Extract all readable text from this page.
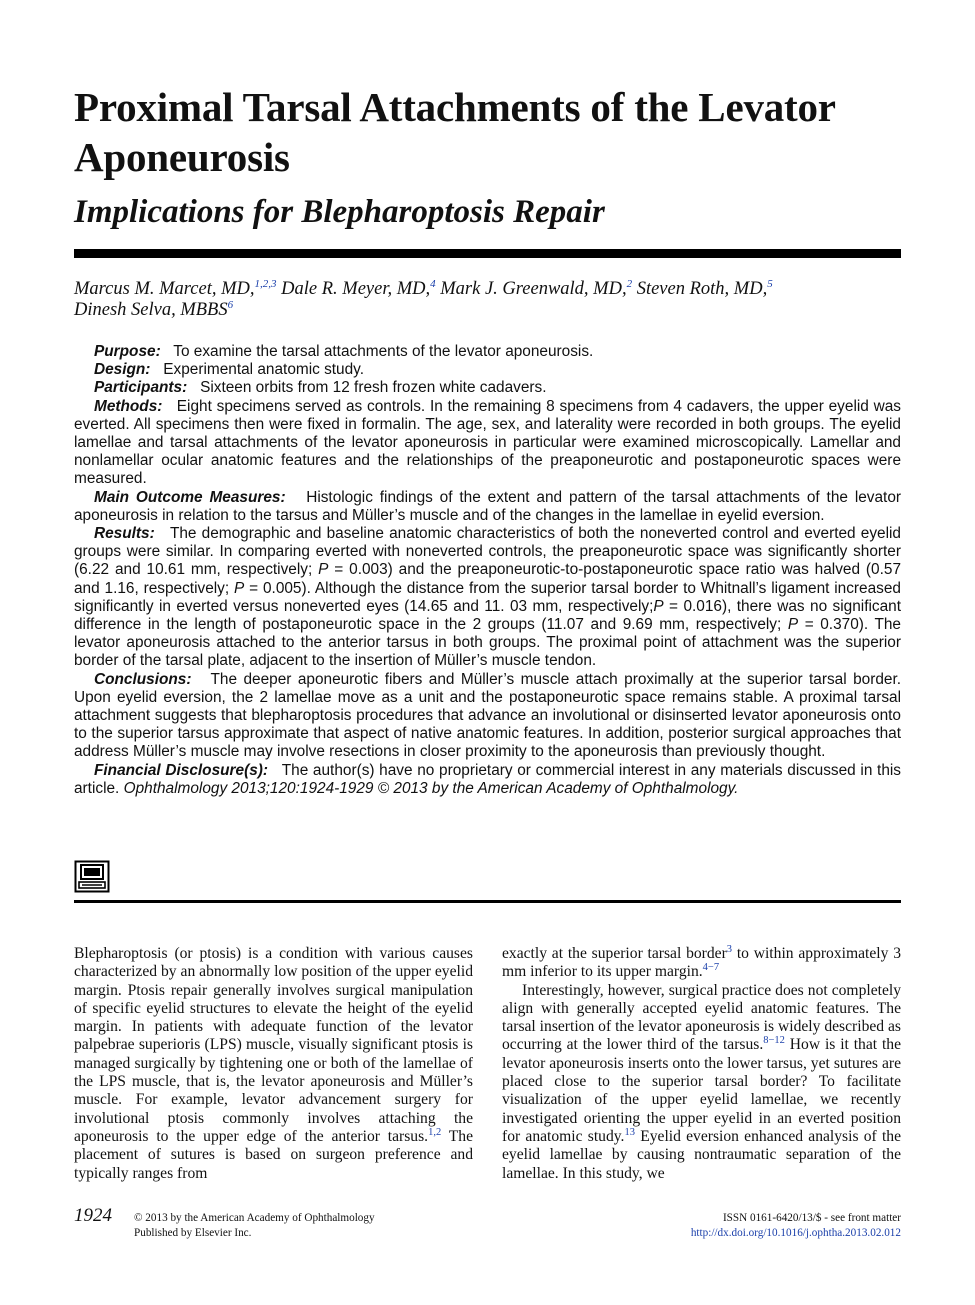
Proximal Tarsal Attachments of the Levator Aponeurosis
Implications for Blepharoptosis Repair
Marcus M. Marcet, MD,$^{1,2,3}$ Dale R. Meyer, MD,$^4$ Mark J. Greenwald, MD,$^2$ Steven Roth, MD,$^5$
Dinesh Selva, MBBS$^6$

Purpose: To examine the tarsal attachments of the levator aponeurosis.

Design: Experimental anatomic study.

Participants: Sixteen orbits from 12 fresh frozen white cadavers.

Methods: Eight specimens served as controls. In the remaining 8 specimens from 4 cadavers, the upper eyelid was everted. All specimens then were fixed in formalin. The age, sex, and laterality were recorded in both groups. The eyelid lamellae and tarsal attachments of the levator aponeurosis in particular were examined microscopically. Lamellar and nonlamellar ocular anatomic features and the relationships of the preaponeurotic and postaponeurotic spaces were measured.

Main Outcome Measures: Histologic findings of the extent and pattern of the tarsal attachments of the levator aponeurosis in relation to the tarsus and Müller’s muscle and of the changes in the lamellae in eyelid eversion.

Results: The demographic and baseline anatomic characteristics of both the noneverted control and everted eyelid groups were similar. In comparing everted with noneverted controls, the preaponeurotic space was significantly shorter (6.22 and 10.61 mm, respectively; P = 0.003) and the preaponeurotic-to-postaponeurotic space ratio was halved (0.57 and 1.16, respectively; P = 0.005). Although the distance from the superior tarsal border to Whitnall’s ligament increased significantly in everted versus noneverted eyes (14.65 and 11. 03 mm, respectively;P = 0.016), there was no significant difference in the length of postaponeurotic space in the 2 groups (11.07 and 9.69 mm, respectively; P = 0.370). The levator aponeurosis attached to the anterior tarsus in both groups. The proximal point of attachment was the superior border of the tarsal plate, adjacent to the insertion of Müller’s muscle tendon.

Conclusions: The deeper aponeurotic fibers and Müller’s muscle attach proximally at the superior tarsal border. Upon eyelid eversion, the 2 lamellae move as a unit and the postaponeurotic space remains stable. A proximal tarsal attachment suggests that blepharoptosis procedures that advance an involutional or disinserted levator aponeurosis onto to the superior tarsus approximate that aspect of native anatomic features. In addition, posterior surgical approaches that address Müller’s muscle may involve resections in closer proximity to the aponeurosis than previously thought.

Financial Disclosure(s): The author(s) have no proprietary or commercial interest in any materials discussed in this article. Ophthalmology 2013;120:1924-1929 © 2013 by the American Academy of Ophthalmology.

Blepharoptosis (or ptosis) is a condition with various causes characterized by an abnormally low position of the upper eyelid margin. Ptosis repair generally involves surgical manipulation of specific eyelid structures to elevate the height of the eyelid margin. In patients with adequate function of the levator palpebrae superioris (LPS) muscle, visually significant ptosis is managed surgically by tightening one or both of the lamellae of the LPS muscle, that is, the levator aponeurosis and Müller’s muscle. For example, levator advancement surgery for involutional ptosis commonly involves attaching the aponeurosis to the upper edge of the anterior tarsus.$^{1,2}$ The placement of sutures is based on surgeon preference and typically ranges from

exactly at the superior tarsal border$^3$ to within approximately 3 mm inferior to its upper margin.$^{4-7}$

Interestingly, however, surgical practice does not completely align with generally accepted eyelid anatomic features. The tarsal insertion of the levator aponeurosis is widely described as occurring at the lower third of the tarsus.$^{8-12}$ How is it that the levator aponeurosis inserts onto the lower tarsus, yet sutures are placed close to the superior tarsal border? To facilitate visualization of the upper eyelid lamellae, we recently investigated orienting the upper eyelid in an everted position for anatomic study.$^{13}$ Eyelid eversion enhanced analysis of the eyelid lamellae by causing nontraumatic separation of the lamellae. In this study, we

1924 © 2013 by the American Academy of Ophthalmology
Published by Elsevier Inc.
ISSN 0161-6420/13/$ - see front matter
http://dx.doi.org/10.1016/j.ophtha.2013.02.012
